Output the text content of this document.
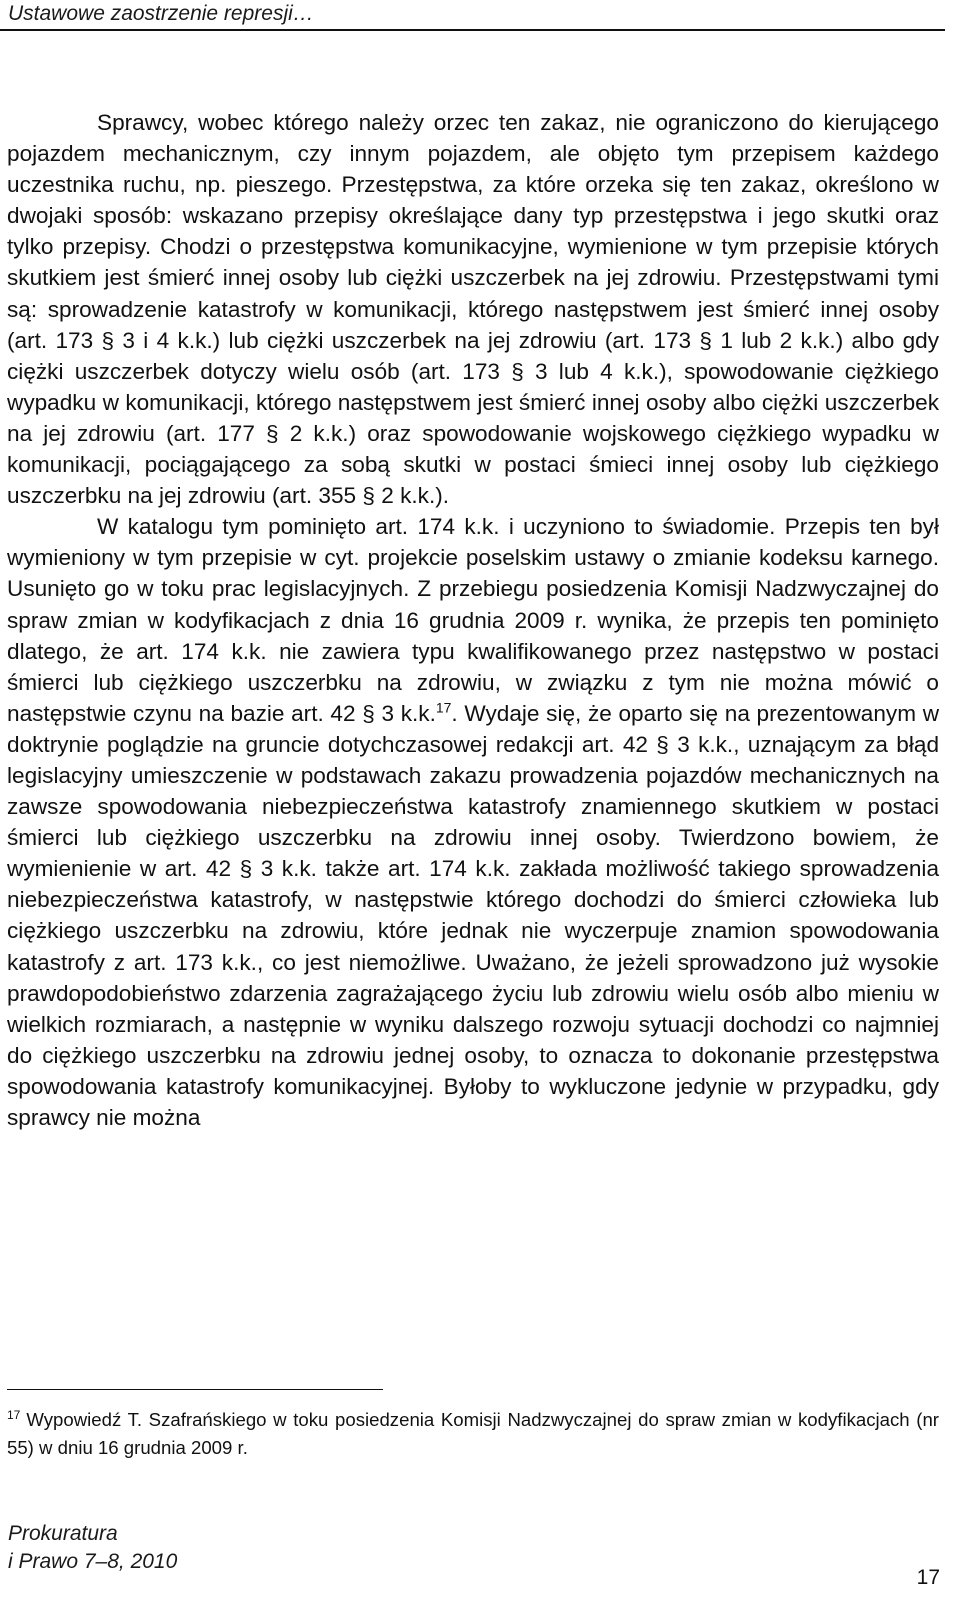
Ustawowe zaostrzenie represji…

Sprawcy, wobec którego należy orzec ten zakaz, nie ograniczono do kierującego pojazdem mechanicznym, czy innym pojazdem, ale objęto tym przepisem każdego uczestnika ruchu, np. pieszego. Przestępstwa, za które orzeka się ten zakaz, określono w dwojaki sposób: wskazano przepisy określające dany typ przestępstwa i jego skutki oraz tylko przepisy. Chodzi o przestępstwa komunikacyjne, wymienione w tym przepisie których skutkiem jest śmierć innej osoby lub ciężki uszczerbek na jej zdrowiu. Przestępstwami tymi są: sprowadzenie katastrofy w komunikacji, którego następstwem jest śmierć innej osoby (art. 173 § 3 i 4 k.k.) lub ciężki uszczerbek na jej zdrowiu (art. 173 § 1 lub 2 k.k.) albo gdy ciężki uszczerbek dotyczy wielu osób (art. 173 § 3 lub 4 k.k.), spowodowanie ciężkiego wypadku w komunikacji, którego następstwem jest śmierć innej osoby albo ciężki uszczerbek na jej zdrowiu (art. 177 § 2 k.k.) oraz spowodowanie wojskowego ciężkiego wypadku w komunikacji, pociągającego za sobą skutki w postaci śmieci innej osoby lub ciężkiego uszczerbku na jej zdrowiu (art. 355 § 2 k.k.).

W katalogu tym pominięto art. 174 k.k. i uczyniono to świadomie. Przepis ten był wymieniony w tym przepisie w cyt. projekcie poselskim ustawy o zmianie kodeksu karnego. Usunięto go w toku prac legislacyjnych. Z przebiegu posiedzenia Komisji Nadzwyczajnej do spraw zmian w kodyfikacjach z dnia 16 grudnia 2009 r. wynika, że przepis ten pominięto dlatego, że art. 174 k.k. nie zawiera typu kwalifikowanego przez następstwo w postaci śmierci lub ciężkiego uszczerbku na zdrowiu, w związku z tym nie można mówić o następstwie czynu na bazie art. 42 § 3 k.k.$^{17}$. Wydaje się, że oparto się na prezentowanym w doktrynie poglądzie na gruncie dotychczasowej redakcji art. 42 § 3 k.k., uznającym za błąd legislacyjny umieszczenie w podstawach zakazu prowadzenia pojazdów mechanicznych na zawsze spowodowania niebezpieczeństwa katastrofy znamiennego skutkiem w postaci śmierci lub ciężkiego uszczerbku na zdrowiu innej osoby. Twierdzono bowiem, że wymienienie w art. 42 § 3 k.k. także art. 174 k.k. zakłada możliwość takiego sprowadzenia niebezpieczeństwa katastrofy, w następstwie którego dochodzi do śmierci człowieka lub ciężkiego uszczerbku na zdrowiu, które jednak nie wyczerpuje znamion spowodowania katastrofy z art. 173 k.k., co jest niemożliwe. Uważano, że jeżeli sprowadzono już wysokie prawdopodobieństwo zdarzenia zagrażającego życiu lub zdrowiu wielu osób albo mieniu w wielkich rozmiarach, a następnie w wyniku dalszego rozwoju sytuacji dochodzi co najmniej do ciężkiego uszczerbku na zdrowiu jednej osoby, to oznacza to dokonanie przestępstwa spowodowania katastrofy komunikacyjnej. Byłoby to wykluczone jedynie w przypadku, gdy sprawcy nie można

$^{17}$ Wypowiedź T. Szafrańskiego w toku posiedzenia Komisji Nadzwyczajnej do spraw zmian w kodyfikacjach (nr 55) w dniu 16 grudnia 2009 r.
Prokuratura
i Prawo 7–8, 2010
17
